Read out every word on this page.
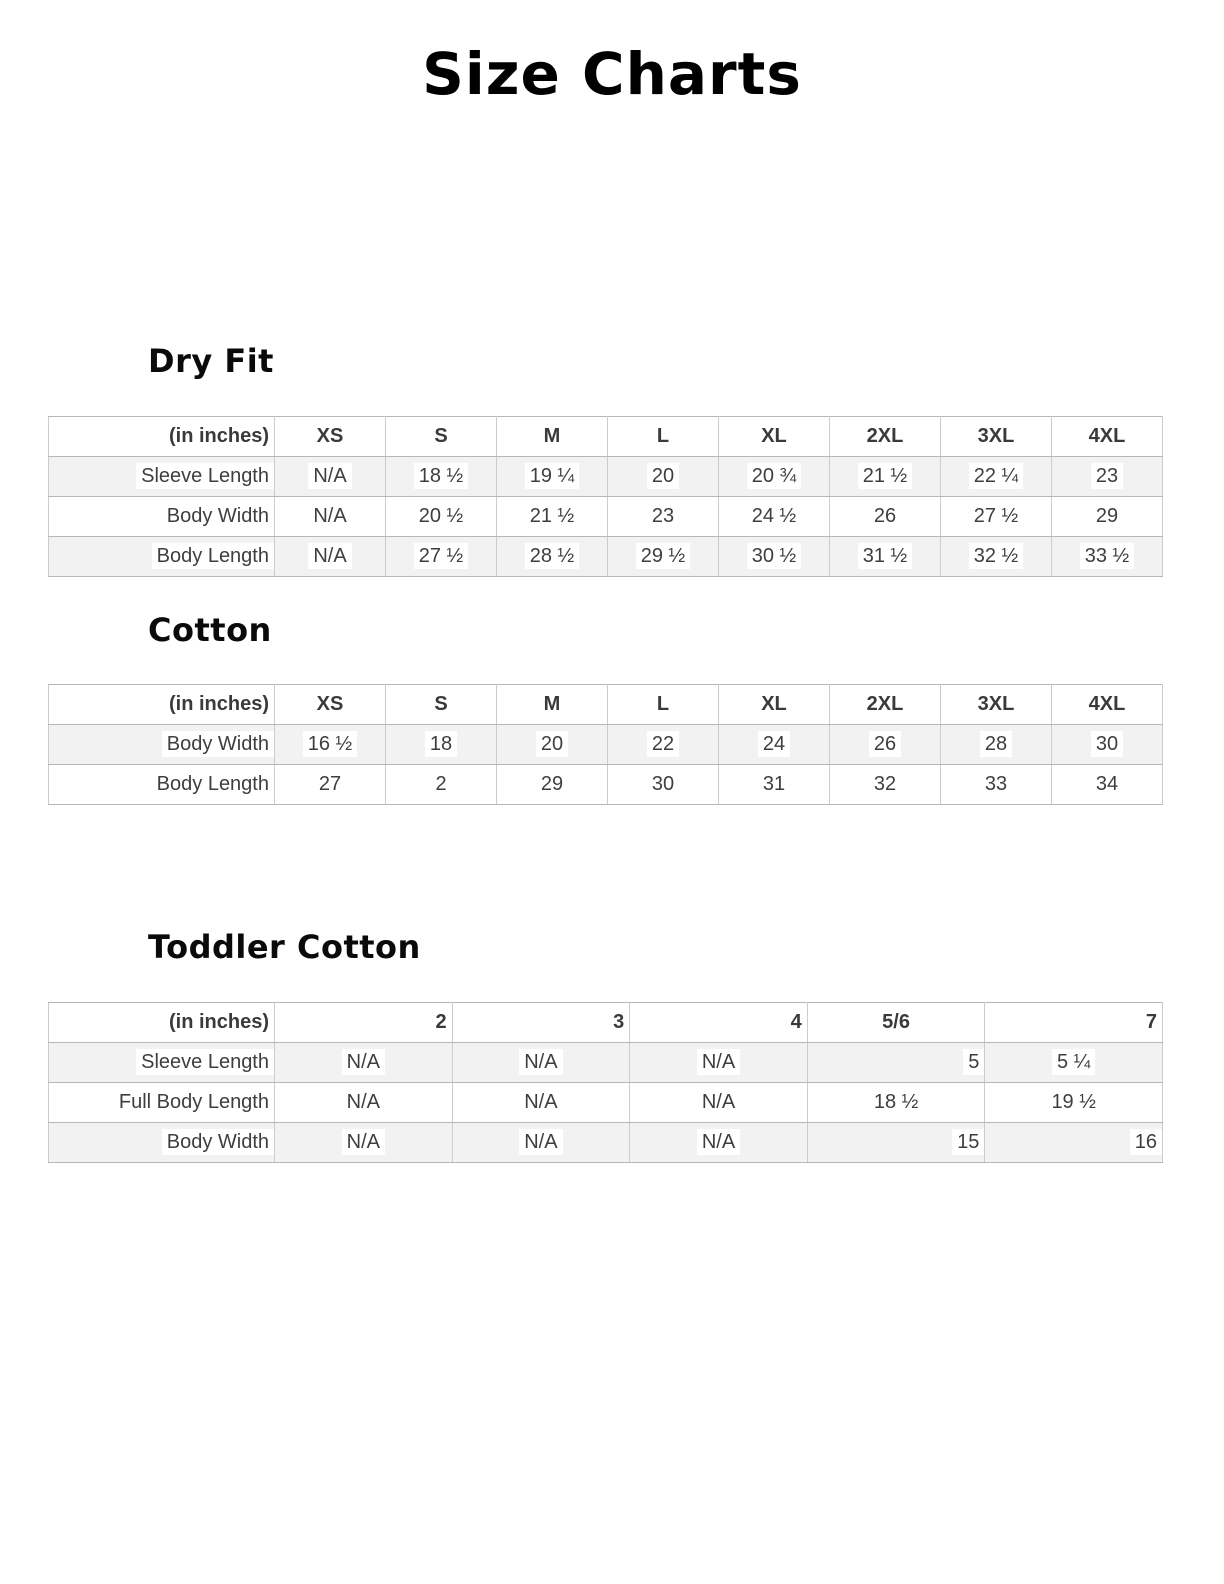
Size Charts
Dry Fit
(in inches)	XS	S	M	L	XL	2XL	3XL	4XL
Sleeve Length	N/A	18 ½	19 ¼	20	20 ¾	21 ½	22 ¼	23
Body Width	N/A	20 ½	21 ½	23	24 ½	26	27 ½	29
Body Length	N/A	27 ½	28 ½	29 ½	30 ½	31 ½	32 ½	33 ½
Cotton
(in inches)	XS	S	M	L	XL	2XL	3XL	4XL
Body Width	16 ½	18	20	22	24	26	28	30
Body Length	27	2	29	30	31	32	33	34
Toddler Cotton
(in inches)	2	3	4	5/6	7
Sleeve Length	N/A	N/A	N/A	5	5 ¼
Full Body Length	N/A	N/A	N/A	18 ½	19 ½
Body Width	N/A	N/A	N/A	15	16
